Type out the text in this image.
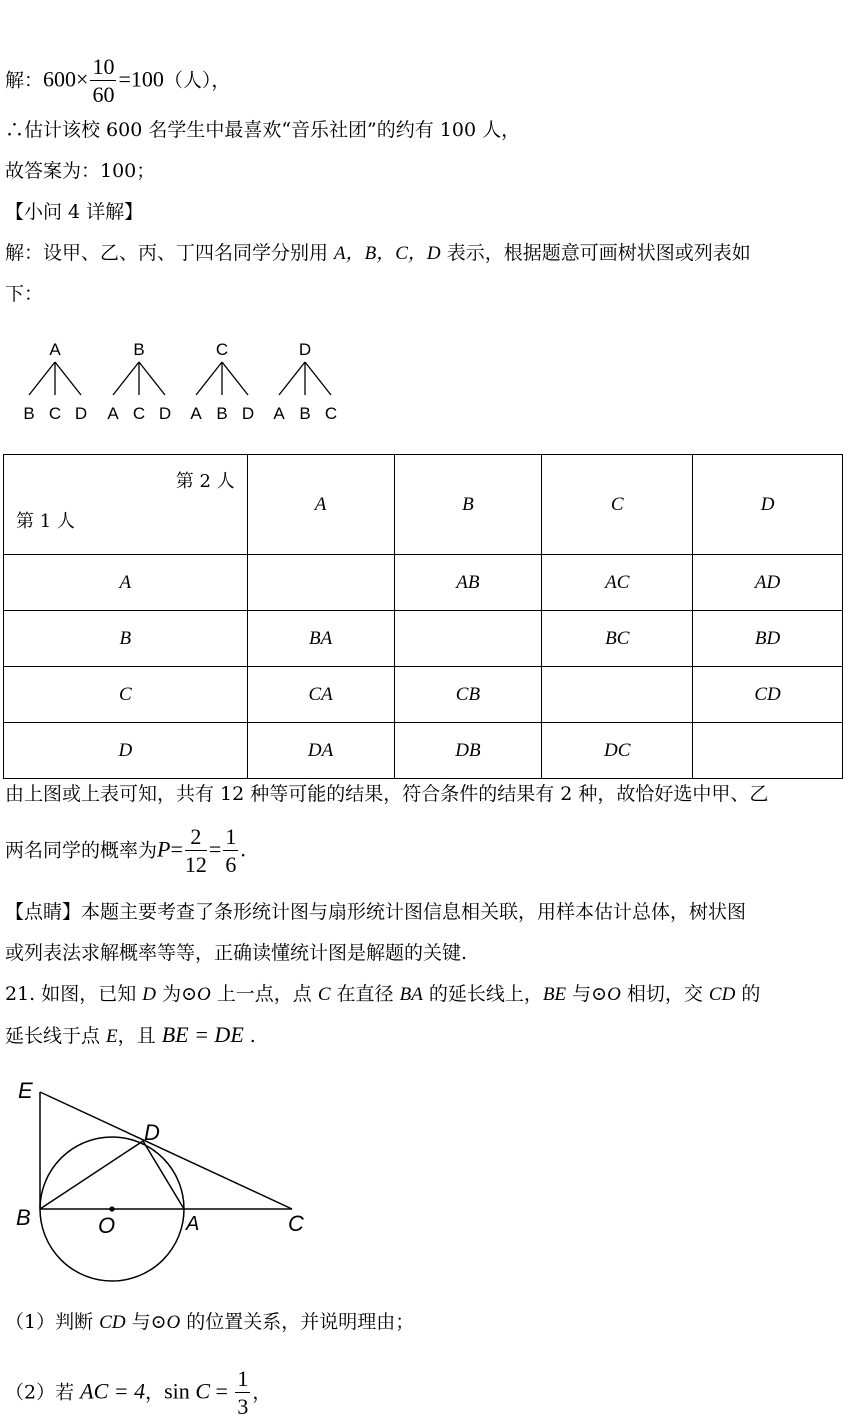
解：$600\times \frac{10}{60} =100$（人），
∴估计该校 600 名学生中最喜欢“音乐社团”的约有 100 人，
故答案为：100；
【小问 4 详解】
解：设甲、乙、丙、丁四名同学分别用 A，B，C，D 表示，根据题意可画树状图或列表如
下：
A
B C D
B
A C D
C
A B D
D
A B C
第 2 人
第 1 人	A	B	C	D
A		AB	AC	AD
B	BA		BC	BD
C	CA	CB		CD
D	DA	DB	DC	
由上图或上表可知，共有 12 种等可能的结果，符合条件的结果有 2 种，故恰好选中甲、乙
两名同学的概率为$P= \frac{2}{12} = \frac{1}{6}$ .
【点睛】本题主要考查了条形统计图与扇形统计图信息相关联，用样本估计总体，树状图
或列表法求解概率等等，正确读懂统计图是解题的关键.
21. 如图，已知 D 为⊙O 上一点，点 C 在直径 BA 的延长线上，BE 与⊙O 相切，交 CD 的
延长线于点 E，且 BE = DE .
E
D
B	O	A	C
（1）判断 CD 与⊙O 的位置关系，并说明理由；
（2）若 AC = 4，$\sin C = \frac{1}{3}$ ，
